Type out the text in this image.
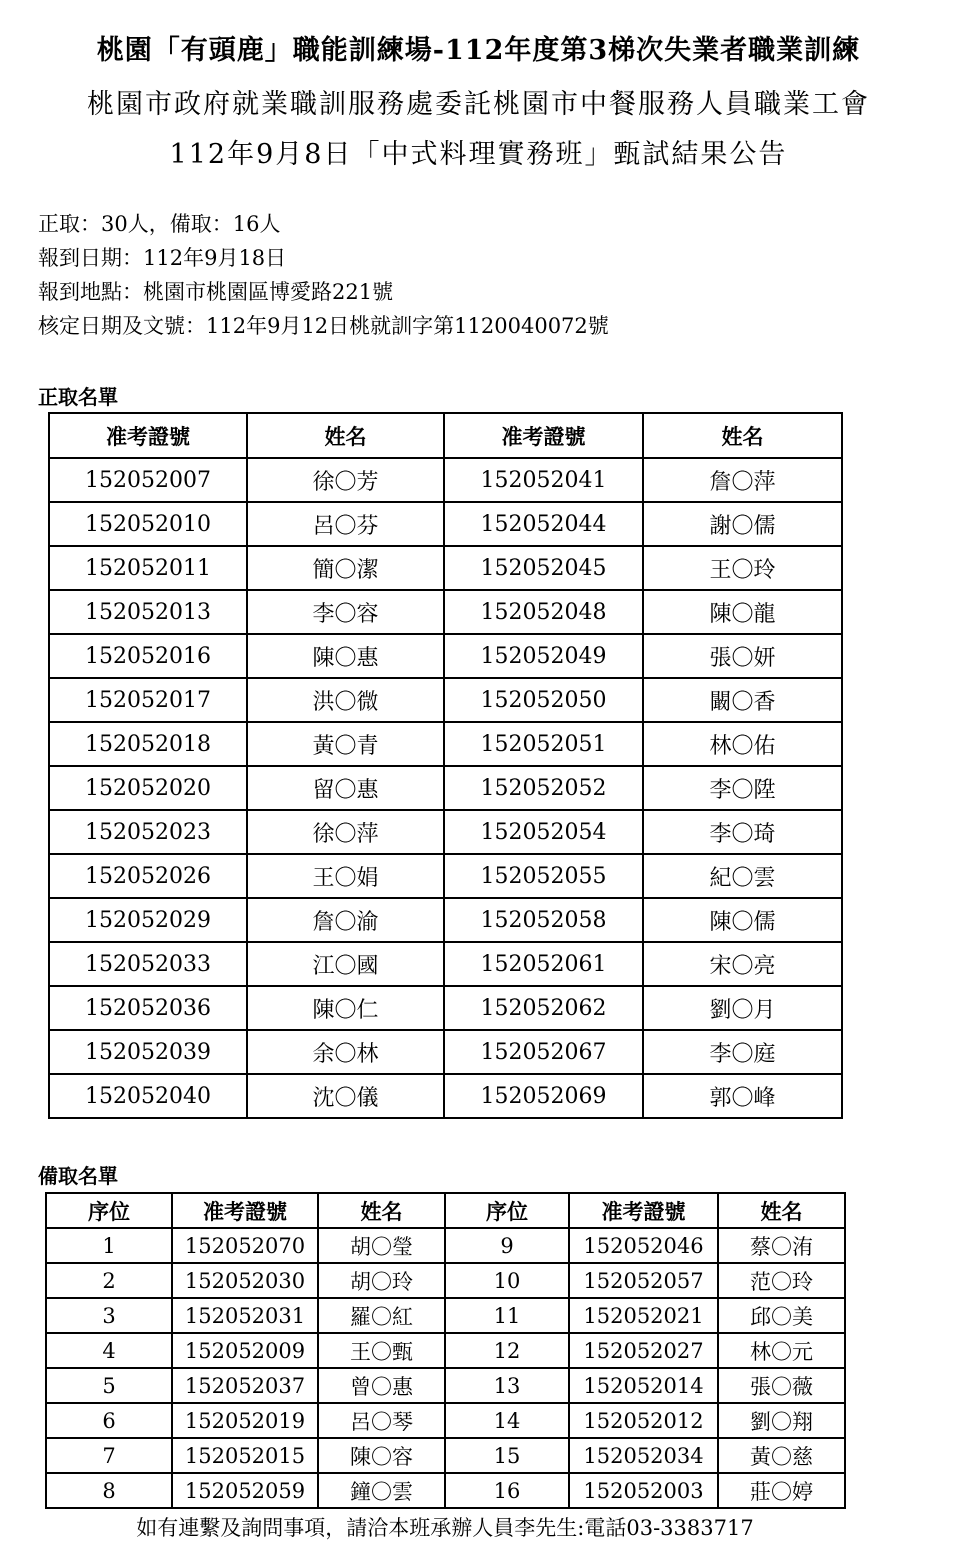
桃園「有頭鹿」職能訓練場-112年度第3梯次失業者職業訓練
桃園市政府就業職訓服務處委託桃園市中餐服務人員職業工會
112年9月8日「中式料理實務班」甄試結果公告
正取：30人，備取：16人
報到日期：112年9月18日
報到地點：桃園市桃園區博愛路221號
核定日期及文號：112年9月12日桃就訓字第1120040072號
正取名單
准考證號	姓名	准考證號	姓名
152052007	徐〇芳	152052041	詹〇萍
152052010	呂〇芬	152052044	謝〇儒
152052011	簡〇潔	152052045	王〇玲
152052013	李〇容	152052048	陳〇龍
152052016	陳〇惠	152052049	張〇妍
152052017	洪〇微	152052050	闞〇香
152052018	黃〇青	152052051	林〇佑
152052020	留〇惠	152052052	李〇陞
152052023	徐〇萍	152052054	李〇琦
152052026	王〇娟	152052055	紀〇雲
152052029	詹〇渝	152052058	陳〇儒
152052033	江〇國	152052061	宋〇亮
152052036	陳〇仁	152052062	劉〇月
152052039	余〇林	152052067	李〇庭
152052040	沈〇儀	152052069	郭〇峰
備取名單
序位	准考證號	姓名	序位	准考證號	姓名
1	152052070	胡〇瑩	9	152052046	蔡〇洧
2	152052030	胡〇玲	10	152052057	范〇玲
3	152052031	羅〇紅	11	152052021	邱〇美
4	152052009	王〇甄	12	152052027	林〇元
5	152052037	曾〇惠	13	152052014	張〇薇
6	152052019	呂〇琴	14	152052012	劉〇翔
7	152052015	陳〇容	15	152052034	黃〇慈
8	152052059	鐘〇雲	16	152052003	莊〇婷
如有連繫及詢問事項，請洽本班承辦人員李先生:電話03-3383717
